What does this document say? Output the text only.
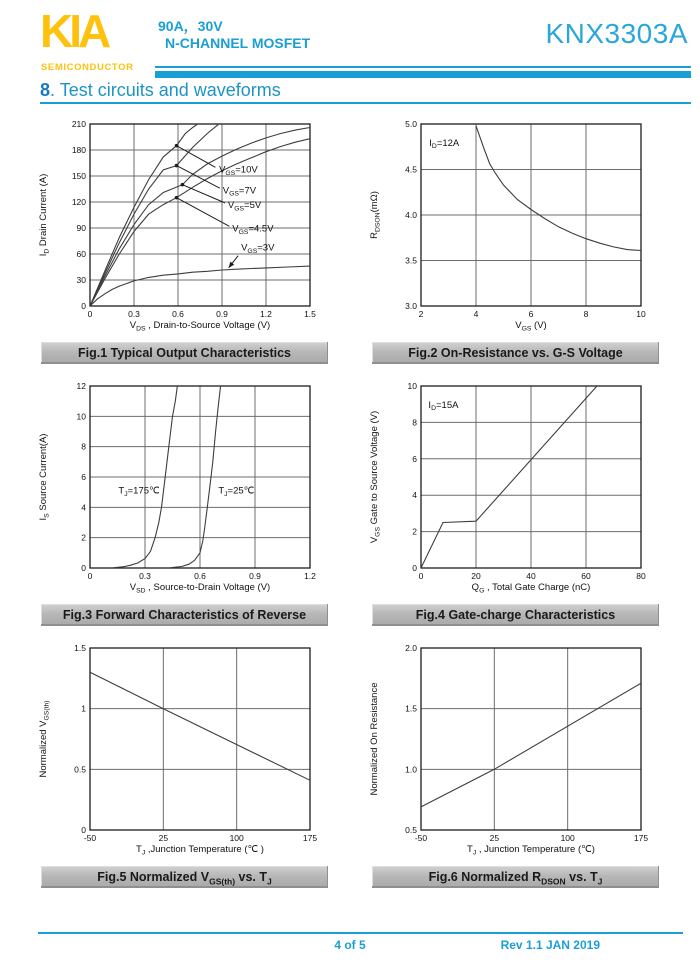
KIA
SEMICONDUCTOR
90A，30V
N-CHANNEL MOSFET	KNX3303A
8. Test circuits and waveforms
0	0.3	0.6	0.9	1.2	1.5
0
30
60
90
120
150
180
210
$V_{GS}=10V$
$V_{GS}=7V$
$V_{GS}=5V$
$V_{GS}=4.5V$
$V_{GS}=3V$
$V_{DS}$ , Drain-to-Source Voltage (V)
$I_D$ Drain Current (A)
Fig.1 Typical Output Characteristics
2	4	6	8	10
3.0
3.5
4.0
4.5
5.0
$I_D=12A$
$V_{GS}$ (V)
$R_{DSON}(m\Omega)$
Fig.2 On-Resistance vs. G-S Voltage
0	0.3	0.6	0.9	1.2
0
2
4
6
8
10
12
$T_J=175℃$	$T_J=25℃$
$V_{SD}$ , Source-to-Drain Voltage (V)
$I_S$ Source Current(A)
Fig.3 Forward Characteristics of Reverse
0	20	40	60	80
0
2
4
6
8
10
$I_D=15A$
$Q_G$ , Total Gate Charge (nC)
$V_{GS}$ Gate to Source Voltage (V)
Fig.4 Gate-charge Characteristics
-50	25	100	175
0
0.5
1
1.5
$T_J$ ,Junction Temperature (℃ )
Normalized $V_{GS(th)}$
Fig.5 Normalized $V_{GS(th)}$ vs. $T_J$
-50	25	100	175
0.5
1.0
1.5
2.0
$T_J$ , Junction Temperature (℃)
Normalized On Resistance
Fig.6 Normalized $R_{DSON}$ vs. $T_J$
4 of 5	Rev 1.1 JAN 2019
